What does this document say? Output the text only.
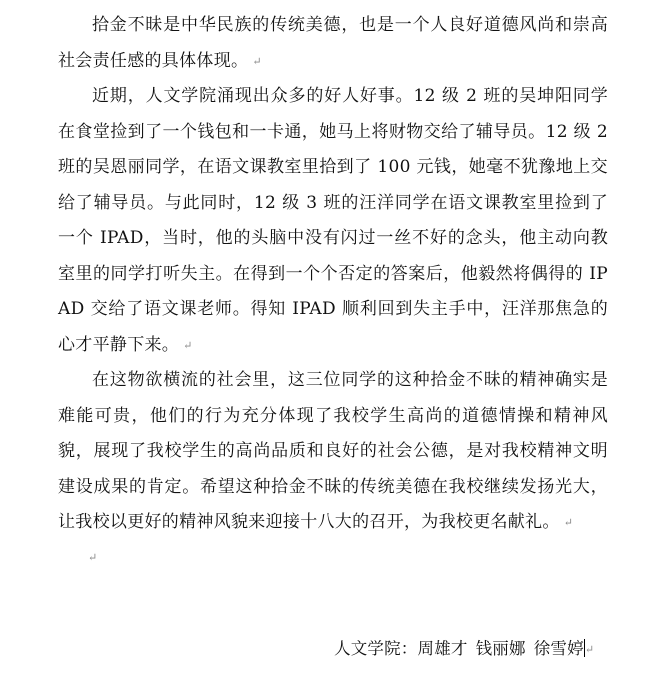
拾金不昧是中华民族的传统美德，也是一个人良好道德风尚和崇高社会责任感的具体体现。 ↵

近期，人文学院涌现出众多的好人好事。12 级 2 班的吴坤阳同学在食堂捡到了一个钱包和一卡通，她马上将财物交给了辅导员。12 级 2 班的吴恩丽同学，在语文课教室里拾到了 100 元钱，她毫不犹豫地上交给了辅导员。与此同时，12 级 3 班的汪洋同学在语文课教室里捡到了一个 IPAD，当时，他的头脑中没有闪过一丝不好的念头，他主动向教室里的同学打听失主。在得到一个个否定的答案后，他毅然将偶得的 IPAD 交给了语文课老师。得知 IPAD 顺利回到失主手中，汪洋那焦急的心才平静下来。 ↵

在这物欲横流的社会里，这三位同学的这种拾金不昧的精神确实是难能可贵，他们的行为充分体现了我校学生高尚的道德情操和精神风貌，展现了我校学生的高尚品质和良好的社会公德，是对我校精神文明建设成果的肯定。希望这种拾金不昧的传统美德在我校继续发扬光大，让我校以更好的精神风貌来迎接十八大的召开，为我校更名献礼。 ↵

↵
人文学院：周雄才 钱丽娜 徐雪婷↵
